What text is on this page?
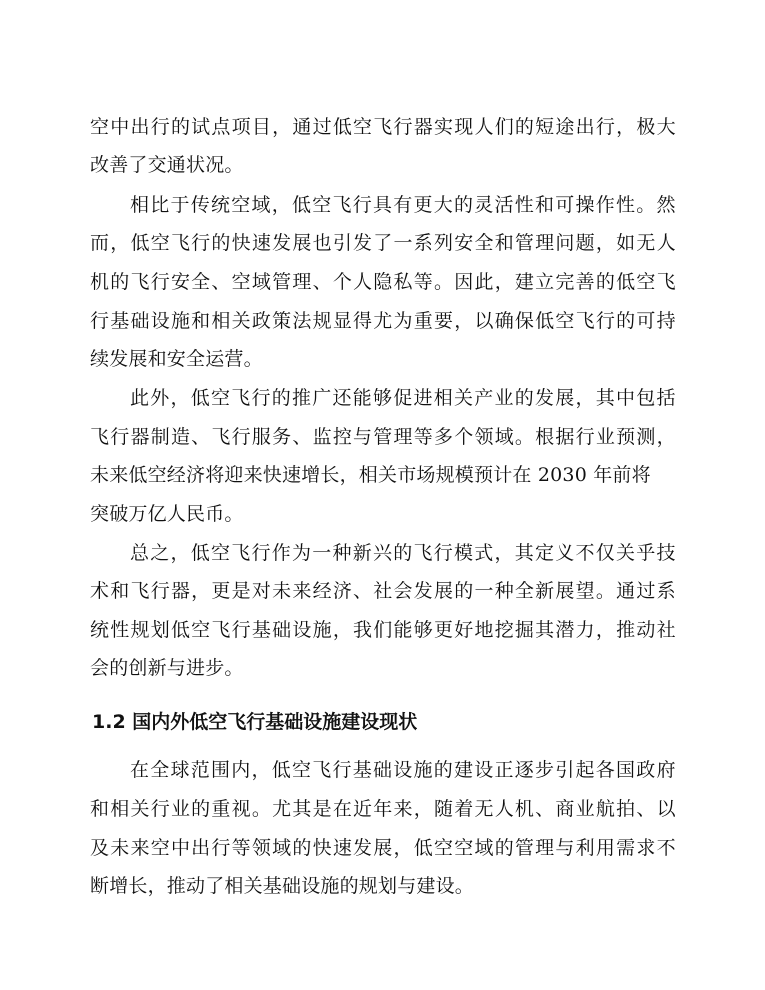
空 中 出 行 的 试 点 项 目 ， 通 过 低 空 飞 行 器 实 现 人 们 的 短 途 出 行 ， 极 大
改善了交通状况。
相 比 于 传 统 空 域 ， 低 空 飞 行 具 有 更 大 的 灵 活 性 和 可 操 作 性 。 然
而 ， 低 空 飞 行 的 快 速 发 展 也 引 发 了 一 系 列 安 全 和 管 理 问 题 ， 如 无 人
机 的 飞 行 安 全 、 空 域 管 理 、 个 人 隐 私 等 。 因 此 ， 建 立 完 善 的 低 空 飞
行 基 础 设 施 和 相 关 政 策 法 规 显 得 尤 为 重 要 ， 以 确 保 低 空 飞 行 的 可 持
续发展和安全运营。
此 外 ， 低 空 飞 行 的 推 广 还 能 够 促 进 相 关 产 业 的 发 展 ， 其 中 包 括
飞 行 器 制 造 、 飞 行 服 务 、 监 控 与 管 理 等 多 个 领 域 。 根 据 行 业 预 测 ，
未来低空经济将迎来快速增长，相关市场规模预计在 2030 年前将
突破万亿人民币。
总 之 ， 低 空 飞 行 作 为 一 种 新 兴 的 飞 行 模 式 ， 其 定 义 不 仅 关 乎 技
术 和 飞 行 器 ， 更 是 对 未 来 经 济 、 社 会 发 展 的 一 种 全 新 展 望 。 通 过 系
统 性 规 划 低 空 飞 行 基 础 设 施 ， 我 们 能 够 更 好 地 挖 掘 其 潜 力 ， 推 动 社
会的创新与进步。
1.2 国内外低空飞行基础设施建设现状
在 全 球 范 围 内 ， 低 空 飞 行 基 础 设 施 的 建 设 正 逐 步 引 起 各 国 政 府
和 相 关 行 业 的 重 视 。 尤 其 是 在 近 年 来 ， 随 着 无 人 机 、 商 业 航 拍 、 以
及 未 来 空 中 出 行 等 领 域 的 快 速 发 展 ， 低 空 空 域 的 管 理 与 利 用 需 求 不
断增长，推动了相关基础设施的规划与建设。
